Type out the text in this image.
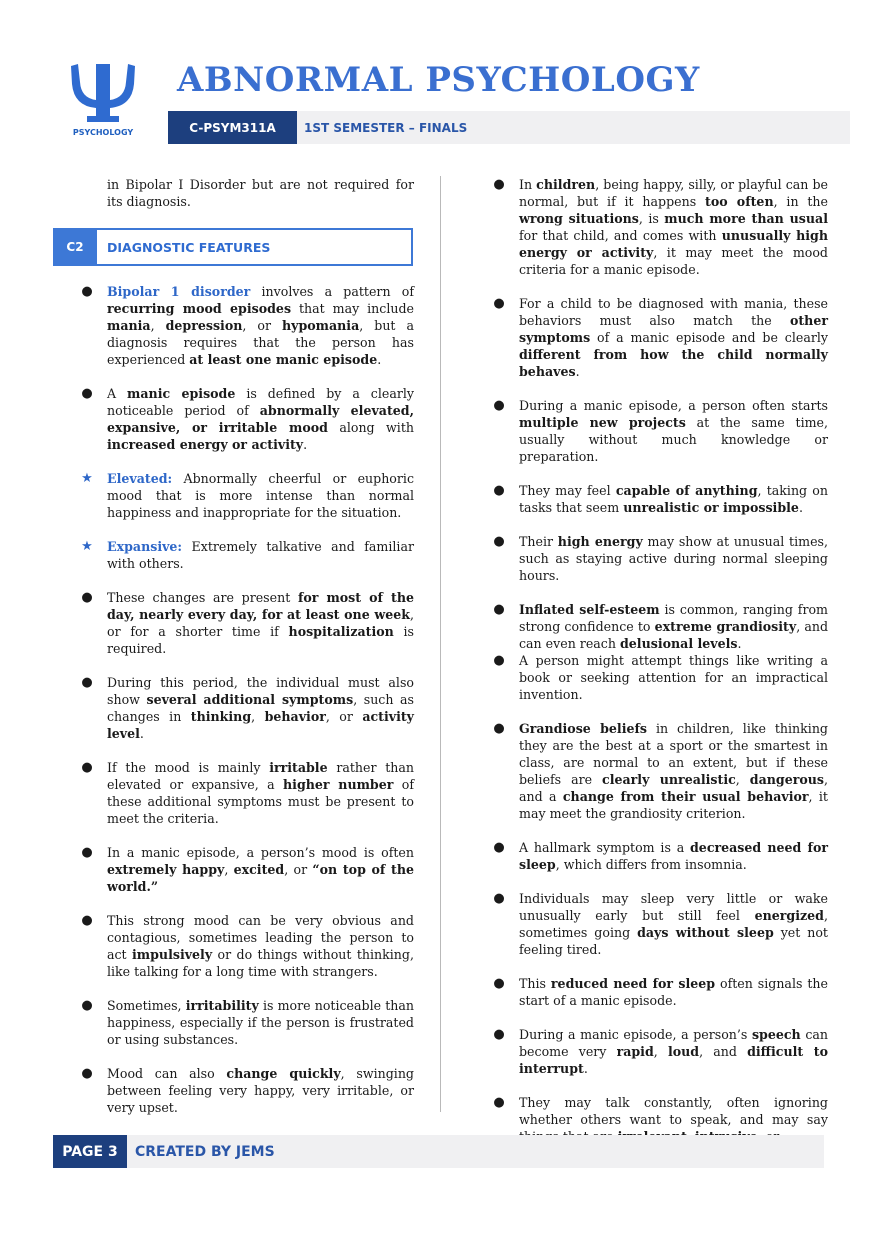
PSYCHOLOGY
ABNORMAL PSYCHOLOGY
C-PSYM311A	1ST SEMESTER – FINALS
in Bipolar I Disorder but are not required for its diagnosis.
C2	DIAGNOSTIC FEATURES
● Bipolar 1 disorder involves a pattern of recurring mood episodes that may include mania, depression, or hypomania, but a diagnosis requires that the person has experienced at least one manic episode.
● A manic episode is defined by a clearly noticeable period of abnormally elevated, expansive, or irritable mood along with increased energy or activity.
★ Elevated: Abnormally cheerful or euphoric mood that is more intense than normal happiness and inappropriate for the situation.
★ Expansive: Extremely talkative and familiar with others.
● These changes are present for most of the day, nearly every day, for at least one week, or for a shorter time if hospitalization is required.
● During this period, the individual must also show several additional symptoms, such as changes in thinking, behavior, or activity level.
● If the mood is mainly irritable rather than elevated or expansive, a higher number of these additional symptoms must be present to meet the criteria.
● In a manic episode, a person’s mood is often extremely happy, excited, or “on top of the world.”
● This strong mood can be very obvious and contagious, sometimes leading the person to act impulsively or do things without thinking, like talking for a long time with strangers.
● Sometimes, irritability is more noticeable than happiness, especially if the person is frustrated or using substances.
● Mood can also change quickly, swinging between feeling very happy, very irritable, or very upset.
● In children, being happy, silly, or playful can be normal, but if it happens too often, in the wrong situations, is much more than usual for that child, and comes with unusually high energy or activity, it may meet the mood criteria for a manic episode.
● For a child to be diagnosed with mania, these behaviors must also match the other symptoms of a manic episode and be clearly different from how the child normally behaves.
● During a manic episode, a person often starts multiple new projects at the same time, usually without much knowledge or preparation.
● They may feel capable of anything, taking on tasks that seem unrealistic or impossible.
● Their high energy may show at unusual times, such as staying active during normal sleeping hours.
● Inflated self-esteem is common, ranging from strong confidence to extreme grandiosity, and can even reach delusional levels.
● A person might attempt things like writing a book or seeking attention for an impractical invention.
● Grandiose beliefs in children, like thinking they are the best at a sport or the smartest in class, are normal to an extent, but if these beliefs are clearly unrealistic, dangerous, and a change from their usual behavior, it may meet the grandiosity criterion.
● A hallmark symptom is a decreased need for sleep, which differs from insomnia.
● Individuals may sleep very little or wake unusually early but still feel energized, sometimes going days without sleep yet not feeling tired.
● This reduced need for sleep often signals the start of a manic episode.
● During a manic episode, a person’s speech can become very rapid, loud, and difficult to interrupt.
● They may talk constantly, often ignoring whether others want to speak, and may say
PAGE 3	CREATED BY JEMS
